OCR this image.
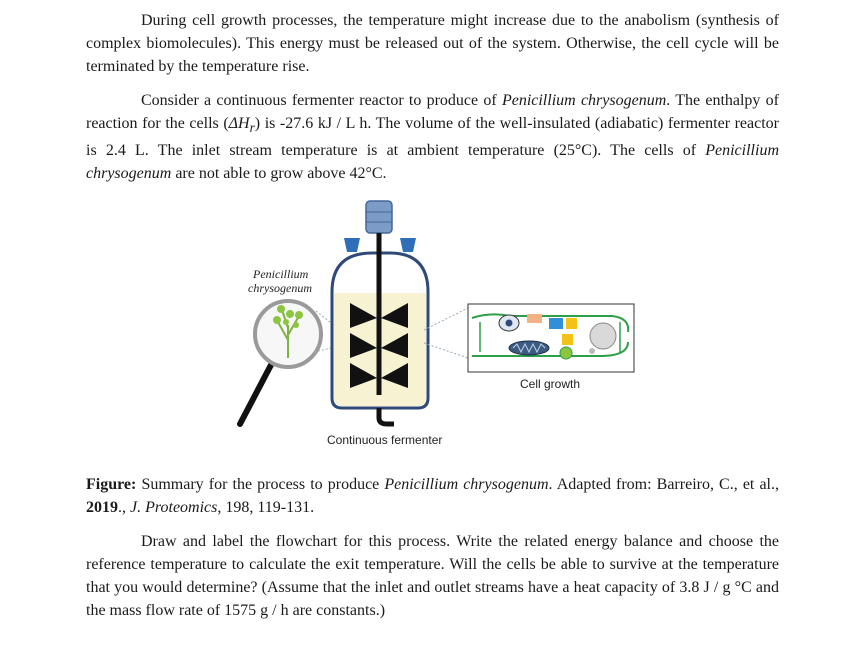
During cell growth processes, the temperature might increase due to the anabolism (synthesis of complex biomolecules). This energy must be released out of the system. Otherwise, the cell cycle will be terminated by the temperature rise.

Consider a continuous fermenter reactor to produce of Penicillium chrysogenum. The enthalpy of reaction for the cells $(\Delta H_r)$ is -27.6 kJ / L h. The volume of the well-insulated (adiabatic) fermenter reactor is 2.4 L. The inlet stream temperature is at ambient temperature (25°C). The cells of Penicillium chrysogenum are not able to grow above 42°C.

Penicillium
chrysogenum
Continuous fermenter
Cell growth

Figure: Summary for the process to produce Penicillium chrysogenum. Adapted from: Barreiro, C., et al., 2019., J. Proteomics, 198, 119-131.

Draw and label the flowchart for this process. Write the related energy balance and choose the reference temperature to calculate the exit temperature. Will the cells be able to survive at the temperature that you would determine? (Assume that the inlet and outlet streams have a heat capacity of 3.8 J / g °C and the mass flow rate of 1575 g / h are constants.)
